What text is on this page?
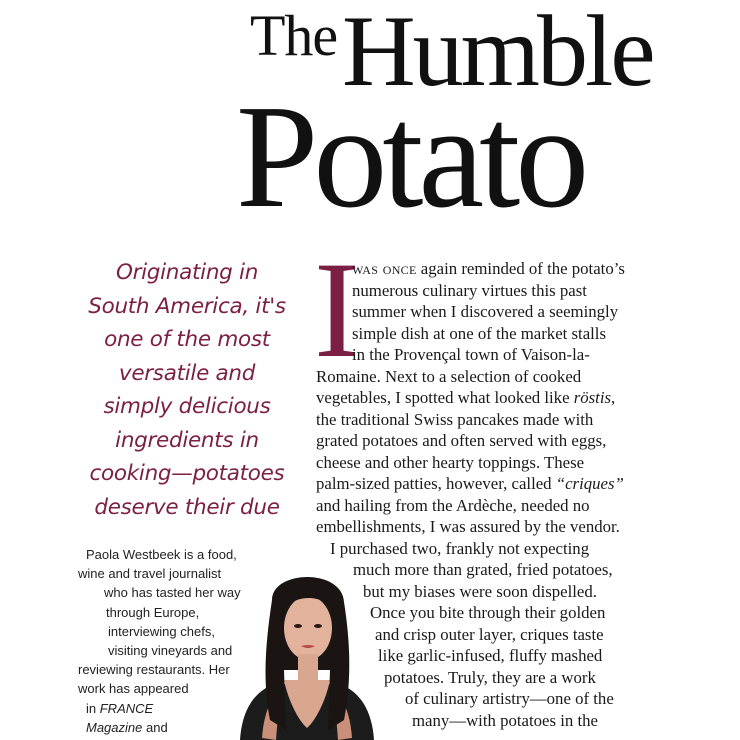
The Humble
Potato
Originating in
South America, it's
one of the most
versatile and
simply delicious
ingredients in
cooking—potatoes
deserve their due
Paola Westbeek is a food,
wine and travel journalist
who has tasted her way
through Europe,
interviewing chefs,
visiting vineyards and
reviewing restaurants. Her
work has appeared
in FRANCE
Magazine and
I
was once again reminded of the potato’s
numerous culinary virtues this past
summer when I discovered a seemingly
simple dish at one of the market stalls
in the Provençal town of Vaison-la-
Romaine. Next to a selection of cooked
vegetables, I spotted what looked like röstis,
the traditional Swiss pancakes made with
grated potatoes and often served with eggs,
cheese and other hearty toppings. These
palm-sized patties, however, called “criques”
and hailing from the Ardèche, needed no
embellishments, I was assured by the vendor.
I purchased two, frankly not expecting
much more than grated, fried potatoes,
but my biases were soon dispelled.
Once you bite through their golden
and crisp outer layer, criques taste
like garlic-infused, fluffy mashed
potatoes. Truly, they are a work
of culinary artistry—one of the
many—with potatoes in the
